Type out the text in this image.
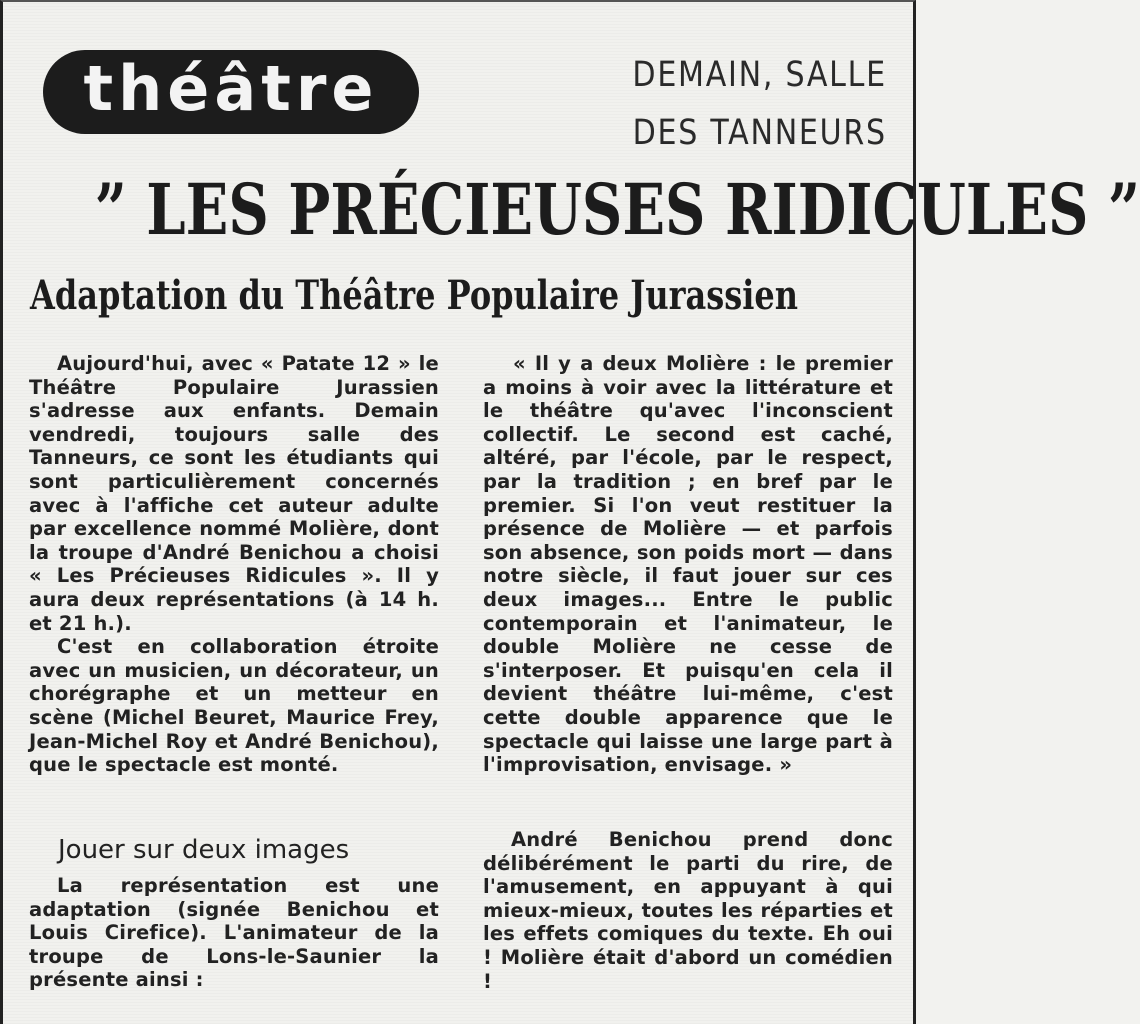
théâtre	DEMAIN, SALLE
DES TANNEURS
” LES PRÉCIEUSES RIDICULES ”
Adaptation du Théâtre Populaire Jurassien

Aujourd'hui, avec « Patate 12 » le Théâtre Populaire Jurassien s'adresse aux enfants. Demain vendredi, toujours salle des Tanneurs, ce sont les étudiants qui sont particulièrement concernés avec à l'affiche cet auteur adulte par excellence nommé Molière, dont la troupe d'André Benichou a choisi « Les Précieuses Ridicules ». Il y aura deux représentations (à 14 h. et 21 h.).

C'est en collaboration étroite avec un musicien, un décorateur, un chorégraphe et un metteur en scène (Michel Beuret, Maurice Frey, Jean-Michel Roy et André Benichou), que le spectacle est monté.

Jouer sur deux images

La représentation est une adaptation (signée Benichou et Louis Cirefice). L'animateur de la troupe de Lons-le-Saunier la présente ainsi :

« Il y a deux Molière : le premier a moins à voir avec la littérature et le théâtre qu'avec l'inconscient collectif. Le second est caché, altéré, par l'école, par le respect, par la tradition ; en bref par le premier. Si l'on veut restituer la présence de Molière — et parfois son absence, son poids mort — dans notre siècle, il faut jouer sur ces deux images... Entre le public contemporain et l'animateur, le double Molière ne cesse de s'interposer. Et puisqu'en cela il devient théâtre lui-même, c'est cette double apparence que le spectacle qui laisse une large part à l'improvisation, envisage. »

André Benichou prend donc délibérément le parti du rire, de l'amusement, en appuyant à qui mieux-mieux, toutes les réparties et les effets comiques du texte. Eh oui ! Molière était d'abord un comédien !
